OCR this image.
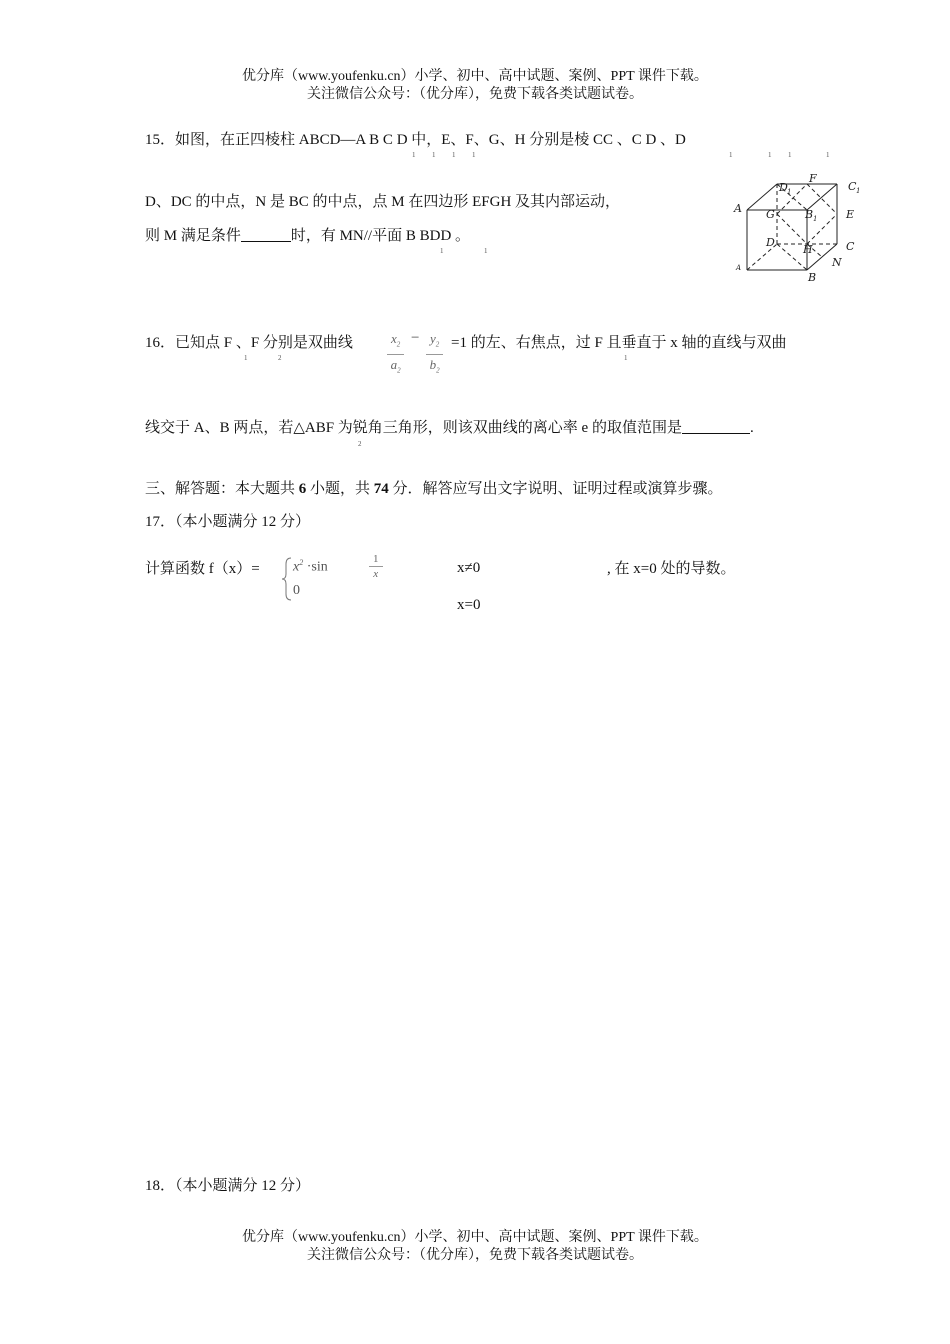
优分库（www.youfenku.cn）小学、初中、高中试题、案例、PPT 课件下载。
关注微信公众号：（优分库），免费下载各类试题试卷。
15．如图，在正四棱柱 ABCD—A B C D 中，E、F、G、H 分别是棱 CC 、C D 、D
1 1 1 1	1	1 1	1
D、DC 的中点，N 是 BC 的中点，点 M 在四边形 EFGH 及其内部运动，
则 M 满足条件	时，有 MN//平面 B BDD 。
1	1
A
D 1
F
C 1
G	B 1	E
D
H	C
N
B
A
16．已知点 F 、F 分别是双曲线
1	2	$\frac{x_2}{a_2} - \frac{y_2}{b_2} =1$ 的左、右焦点，过 F 且垂直于 x 轴的直线与双曲
1
线交于 A、B 两点，若△ABF 为锐角三角形，则该双曲线的离心率 e 的取值范围是	.
2
三、解答题：本大题共 6 小题，共 74 分．解答应写出文字说明、证明过程或演算步骤。
17．（本小题满分 12 分）
计算函数 $f(x)= x^2 \cdot\sin$	$\frac{1}{x}$
0
x≠0
x=0
, 在 x=0 处的导数。
18．（本小题满分 12 分）
优分库（www.youfenku.cn）小学、初中、高中试题、案例、PPT 课件下载。
关注微信公众号：（优分库），免费下载各类试题试卷。
